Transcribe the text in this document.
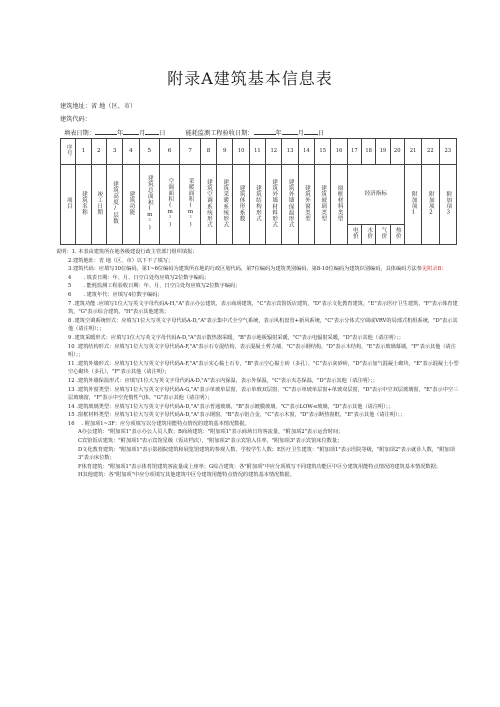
附录A建筑基本信息表
建筑地址：省 地（区、市）
建筑代码：
填表日期：	年	月 日	能耗监测工程验收日期：	年	月 日
序号	1	2	3	4	5	6	7	8	9	10	11	12	13	14	15	16	17	18	19	20	21	22	23
项目	建筑名称	竣工日期	建筑高度/层数	建筑功能	建筑总面积(m²)	空调面积(m²)	采暖面积(m²)	建筑空调系统形式	建筑采暖系统形式	建筑体形系数	建筑结构形式	建筑外墙材料形式	建筑外墙保温形式	建筑外窗类型	建筑玻璃类型	窗框材料类型	经济指标				附加项1	附加项2	附加项3
																	电价	水价	气价	热价			

说明：1. 本表由建筑所在地各级建设行政主管部门组织填报；

2.建筑地址：省 地（区、市）以下不了填写；

3.建筑代码：应填写10位编码，第1~6位编码为建筑所在地的行政区划代码，第7位编码为建筑类别编码，第8-10位编码为建筑识别编码，具体编码方法参见附录B；

4 　　. 填表日期：年、月、日空白处均应填写2位数字编码；

5 　　. 能耗监测工程验收日期：年、月、日空白处均应填写2位数字编码；

6 　　. 建筑年代：应填写4位数字编码；

7 .建筑功能 :应填写1位大写英文字母代码A-H,"A"表示办公建筑，表示商场建筑，"C"表示宾馆饭店建筑，"D"表示文化教育建筑，"E"表示医疗卫生建筑，"F"表示体育建筑，"G"表示综合建筑，"H"表示其他建筑；

8 .建筑空调系统形式：应填写1位大写英文字母代码A-D,"A"表示集中式全空气系统，表示风机盘管+新风系统，"C"表示分体式空调或VRV的局部式机组系统，"D"表示其他（请注明）；；

9 .建筑采暖形式：应填写1位大写英文字母代码A-D,"A"表示散热器采暖，"B"表示地板辐射采暖，"C"表示电辐射采暖，"D"表示其他（请注明）；；

10 .建筑结构形式：应填写1位大写英文字母代码A-F,"A"表示石专混结构，表示混凝土剪力墙，"C"表示钢结构，"D"表示木结构，"E"表示玻璃幕墙，"F"表示其他（请注明）；；

11 .建筑外墙形式：应填写1位大写英文字母代码A-F,"A"表示实心黏土石专，"B"表示空心黏土砖（多孔），"C"表示灰砂砖，"D"表示加气混凝土砌块，"E"表示混凝土小型空心砌块（多孔），"F"表示其他（请注明）；

12 .建筑外墙保温形式：应填写1位大写英文字母代码A-D,"A"表示内保温，表示外保温，"C"表示夹芯保温，"D"表示其他（请注明）；；

13 .建筑外窗类型：应填写1位大写英文字母代码A-G,"A"表示单玻单层窗，表示单玻双层窗，"C"表示单玻单层窗+单玻双层窗，"D"表示中空双层玻璃窗，"E"表示中空三层玻璃窗，"F"表示中空充惰性气体，"G"表示其他（请注明）；

14 .建筑玻璃类型：应填写1位大写英文字母代码A-D,"A"表示普通玻璃，"B"表示镀膜玻璃，"C"表示LOW-e玻璃，"D"表示其他（请注明）；；

15 .窗框材料类型：应填写1位大写英文字母代码A-D,"A"表示钢窗，"B"表示铝合金，"C"表示木窗，"D"表示断热窗框，"E"表示其他（请注明）；；

16 　. 附加项1~3F：应分项填写以分建筑用能特点情况的建筑基本情况数据。

A办公建筑："附加项1"表示办公人员人数；B商场建筑："附加项1"表示商场日均客流量，"附加项2"表示运营时间；

C宾馆饭店建筑："附加项1"表示宾馆星级（饭店档次），"附加项2"表示宾馆入住率，"附加项3"表示宾馆床位数量；

D文化教育建筑："附加项1"表示影剧院建筑和展览馆建筑的参观人数、学校学生人数；E医疗卫生建筑："附加项1"表示医院等级，"附加项2"表示就诊人数，"附加项3"表示床位数；

F体育建筑："附加项1"表示体育馆建筑客流量或上座率；G综合建筑：各"附加项"中应分项填写不同建筑功能区中区分建筑用能特点情况的建筑基本情况数据；

H其他建筑：各"附加项"中应分项填写其他建筑中区分建筑用能特点情况的建筑基本情况数据。
